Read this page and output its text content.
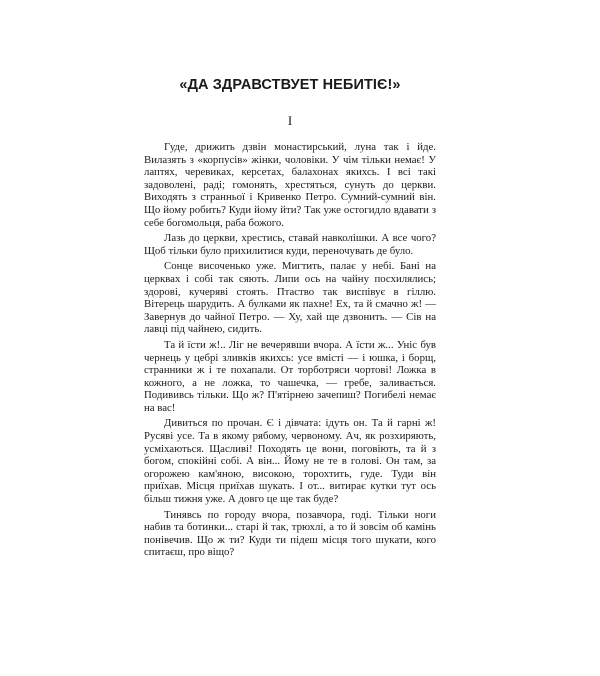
«ДА ЗДРАВСТВУЕТ НЕБИТІЄ!»
І

Гуде, дрижить дзвін монастирський, луна так і йде. Вилазять з «корпусів» жінки, чоловіки. У чім тільки немає! У лаптях, черевиках, керсетах, балахонах якихсь. І всі такі задоволені, раді; гомонять, хрестяться, сунуть до церкви. Виходять з странньої і Кривенко Петро. Сумний-сумний він. Що йому робить? Куди йому йти? Так уже остогидло вдавати з себе богомольця, раба божого.

Лазь до церкви, хрестись, ставай навколішки. А все чого? Щоб тільки було прихилитися куди, переночувать де було.

Сонце височенько уже. Мигтить, палає у небі. Бані на церквах і собі так сяють. Липи ось на чайну посхилялись; здорові, кучеряві стоять. Птаство так виспівує в гіллю. Вітерець шарудить. А булками як пахне! Ех, та й смачно ж! — Завернув до чайної Петро. — Ху, хай ще дзвонить. — Сів на лавці під чайнею, сидить.

Та й їсти ж!.. Ліг не вечерявши вчора. А їсти ж... Уніс був чернець у цебрі зливків якихсь: усе вмісті — і юшка, і борщ, странники ж і те похапали. От торботряси чортові! Ложка в кожного, а не ложка, то чашечка, — гребе, заливається. Подививсь тільки. Що ж? П'ятірнею зачепиш? Погибелі немає на вас!

Дивиться по прочан. Є і дівчата: ідуть он. Та й гарні ж! Русяві усе. Та в якому рябому, червоному. Ач, як розхиряють, усміхаються. Щасливі! Походять це вони, поговіють, та й з богом, спокійні собі. А він... Йому не те в голові. Он там, за огорожею кам'яною, високою, торохтить, гуде. Туди він приїхав. Місця приїхав шукать. І от... витирає кутки тут ось більш тижня уже. А довго це ще так буде?

Тинявсь по городу вчора, позавчора, годі. Тільки ноги набив та ботинки... старі й так, трюхлі, а то й зовсім об камінь понівечив. Що ж ти? Куди ти підеш місця того шукати, кого спитаєш, про віщо?
